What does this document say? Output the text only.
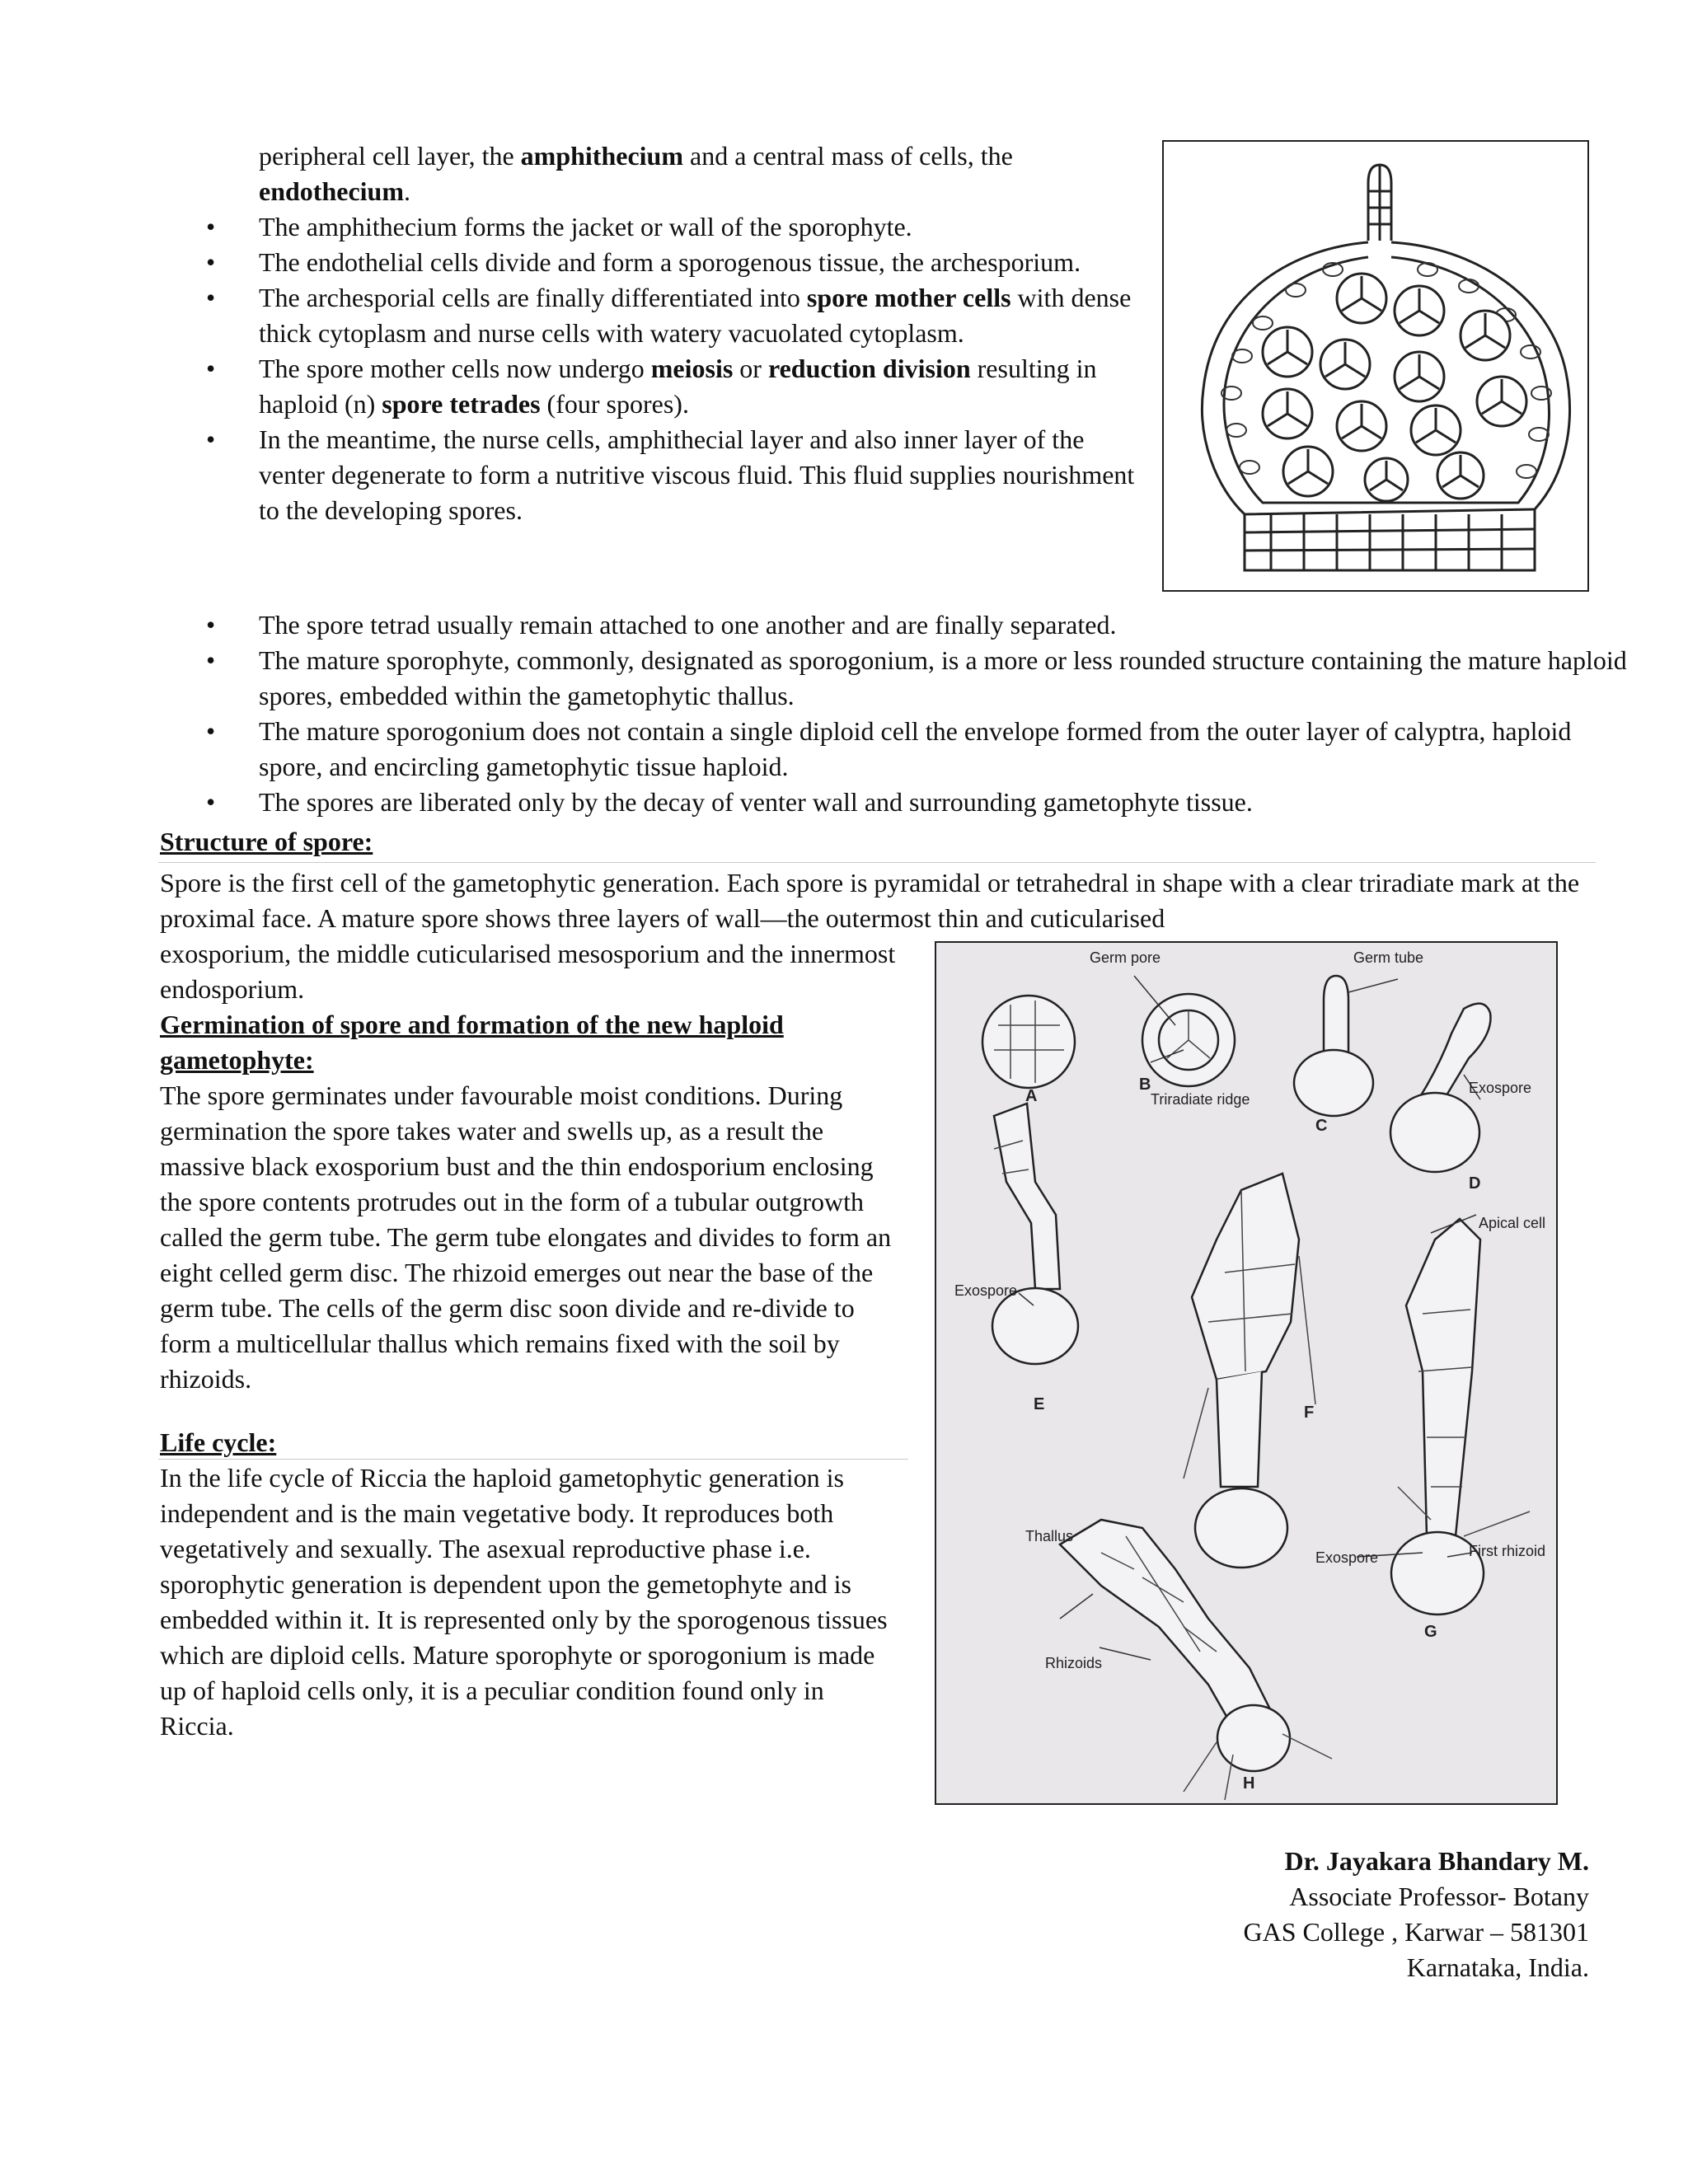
peripheral cell layer, the amphithecium and a central mass of cells, the
endothecium.
• The amphithecium forms the jacket or wall of the sporophyte.
• The endothelial cells divide and form a sporogenous tissue, the archesporium.
• The archesporial cells are finally differentiated into spore mother cells with dense thick cytoplasm and nurse cells with watery vacuolated cytoplasm.
• The spore mother cells now undergo meiosis or reduction division resulting in haploid (n) spore tetrades (four spores).
• In the meantime, the nurse cells, amphithecial layer and also inner layer of the venter degenerate to form a nutritive viscous fluid. This fluid supplies nourishment to the developing spores.
• The spore tetrad usually remain attached to one another and are finally separated.
• The mature sporophyte, commonly, designated as sporogonium, is a more or less rounded structure containing the mature haploid spores, embedded within the gametophytic thallus.
• The mature sporogonium does not contain a single diploid cell the envelope formed from the outer layer of calyptra, haploid spore, and encircling gametophytic tissue haploid.
• The spores are liberated only by the decay of venter wall and surrounding gametophyte tissue.
Structure of spore:
Spore is the first cell of the gametophytic generation. Each spore is pyramidal or tetrahedral in shape with a clear triradiate mark at the proximal face. A mature spore shows three layers of wall—the outermost thin and cuticularised
exosporium, the middle cuticularised mesosporium and the innermost endosporium.
Germination of spore and formation of the new haploid gametophyte:
The spore germinates under favourable moist conditions. During germination the spore takes water and swells up, as a result the massive black exosporium bust and the thin endosporium enclosing the spore contents protrudes out in the form of a tubular outgrowth called the germ tube. The germ tube elongates and divides to form an eight celled germ disc. The rhizoid emerges out near the base of the germ tube. The cells of the germ disc soon divide and re-divide to form a multicellular thallus which remains fixed with the soil by rhizoids.
Life cycle:
In the life cycle of Riccia the haploid gametophytic generation is independent and is the main vegetative body. It reproduces both vegetatively and sexually. The asexual reproductive phase i.e. sporophytic generation is dependent upon the gemetophyte and is embedded within it. It is represented only by the sporogenous tissues which are diploid cells. Mature sporophyte or sporogonium is made up of haploid cells only, it is a peculiar condition found only in Riccia.
Germ pore	Germ tube
Triradiate ridge
Exospore
Apical cell
Exospore
Exospore	First rhizoid
Thallus
Rhizoids
A
B
C
D
E	F
G
H
Dr. Jayakara Bhandary M.
Associate Professor- Botany
GAS College , Karwar – 581301
Karnataka, India.
